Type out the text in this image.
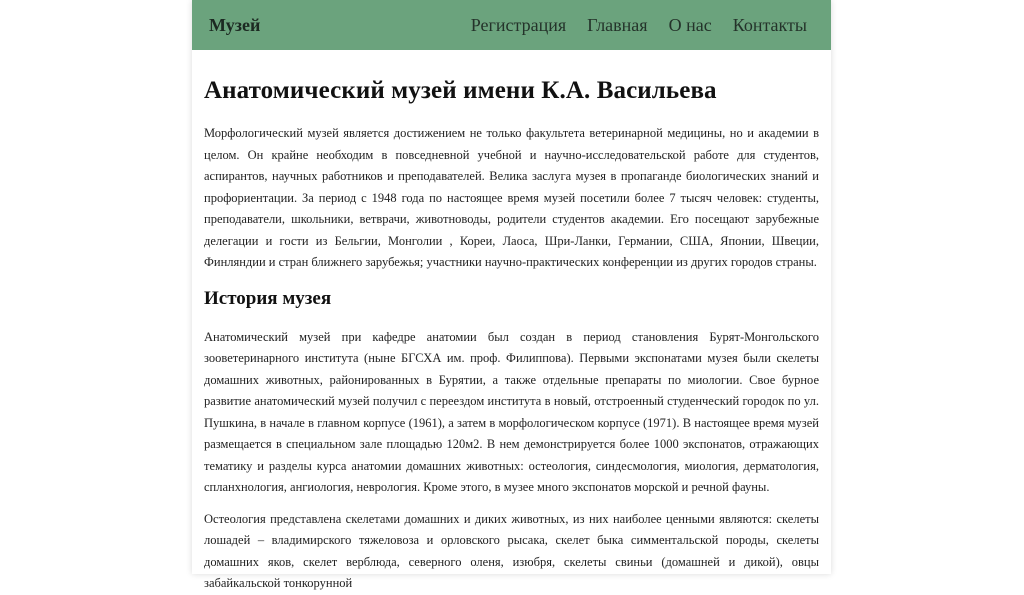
Музей	Регистрация Главная О нас Контакты
Анатомический музей имени К.А. Васильева

Морфологический музей является достижением не только факультета ветеринарной медицины, но и академии в целом. Он крайне необходим в повседневной учебной и научно-исследовательской работе для студентов, аспирантов, научных работников и преподавателей. Велика заслуга музея в пропаганде биологических знаний и профориентации. За период с 1948 года по настоящее время музей посетили более 7 тысяч человек: студенты, преподаватели, школьники, ветврачи, животноводы, родители студентов академии. Его посещают зарубежные делегации и гости из Бельгии, Монголии , Кореи, Лаоса, Шри-Ланки, Германии, США, Японии, Швеции, Финляндии и стран ближнего зарубежья; участники научно-практических конференции из других городов страны.

История музея

Анатомический музей при кафедре анатомии был создан в период становления Бурят-Монгольского зооветеринарного института (ныне БГСХА им. проф. Филиппова). Первыми экспонатами музея были скелеты домашних животных, районированных в Бурятии, а также отдельные препараты по миологии. Свое бурное развитие анатомический музей получил с переездом института в новый, отстроенный студенческий городок по ул. Пушкина, в начале в главном корпусе (1961), а затем в морфологическом корпусе (1971). В настоящее время музей размещается в специальном зале площадью 120м2. В нем демонстрируется более 1000 экспонатов, отражающих тематику и разделы курса анатомии домашних животных: остеология, синдесмология, миология, дерматология, спланхнология, ангиология, неврология. Кроме этого, в музее много экспонатов морской и речной фауны.

Остеология представлена скелетами домашних и диких животных, из них наиболее ценными являются: скелеты лошадей – владимирского тяжеловоза и орловского рысака, скелет быка симментальской породы, скелеты домашних яков, скелет верблюда, северного оленя, изюбря, скелеты свиньи (домашней и дикой), овцы забайкальской тонкорунной
